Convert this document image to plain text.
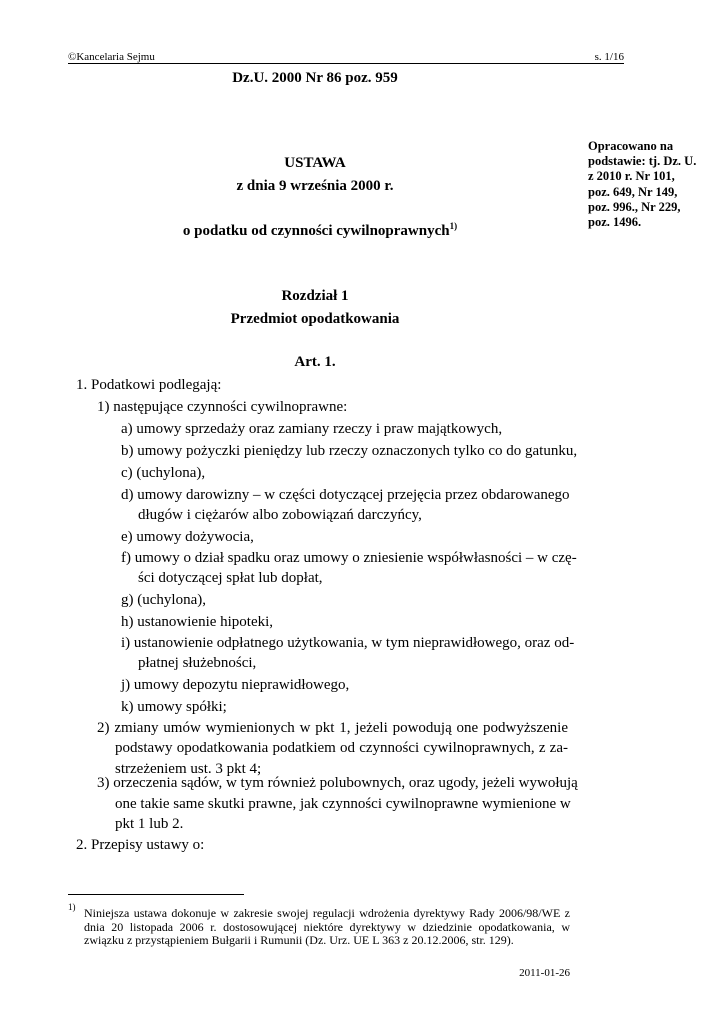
©Kancelaria Sejmu	s. 1/16
Dz.U. 2000 Nr 86 poz. 959
Opracowano na
podstawie: tj. Dz. U.
z 2010 r. Nr 101,
poz. 649, Nr 149,
poz. 996., Nr 229,
poz. 1496.
USTAWA
z dnia 9 września 2000 r.
o podatku od czynności cywilnoprawnych$^{1)}$
Rozdział 1
Przedmiot opodatkowania
Art. 1.
1. Podatkowi podlegają:
1) następujące czynności cywilnoprawne:
a) umowy sprzedaży oraz zamiany rzeczy i praw majątkowych,
b) umowy pożyczki pieniędzy lub rzeczy oznaczonych tylko co do gatunku,
c) (uchylona),
d) umowy darowizny – w części dotyczącej przejęcia przez obdarowanego
długów i ciężarów albo zobowiązań darczyńcy,
e) umowy dożywocia,
f) umowy o dział spadku oraz umowy o zniesienie współwłasności – w czę-
ści dotyczącej spłat lub dopłat,
g) (uchylona),
h) ustanowienie hipoteki,
i) ustanowienie odpłatnego użytkowania, w tym nieprawidłowego, oraz od-
płatnej służebności,
j) umowy depozytu nieprawidłowego,
k) umowy spółki;
2) zmiany umów wymienionych w pkt 1, jeżeli powodują one podwyższenie
podstawy opodatkowania podatkiem od czynności cywilnoprawnych, z za-
strzeżeniem ust. 3 pkt 4;
3) orzeczenia sądów, w tym również polubownych, oraz ugody, jeżeli wywołują
one takie same skutki prawne, jak czynności cywilnoprawne wymienione w
pkt 1 lub 2.
2. Przepisy ustawy o:
1) Niniejsza ustawa dokonuje w zakresie swojej regulacji wdrożenia dyrektywy Rady 2006/98/WE z
dnia 20 listopada 2006 r. dostosowującej niektóre dyrektywy w dziedzinie opodatkowania, w
związku z przystąpieniem Bułgarii i Rumunii (Dz. Urz. UE L 363 z 20.12.2006, str. 129).
2011-01-26
